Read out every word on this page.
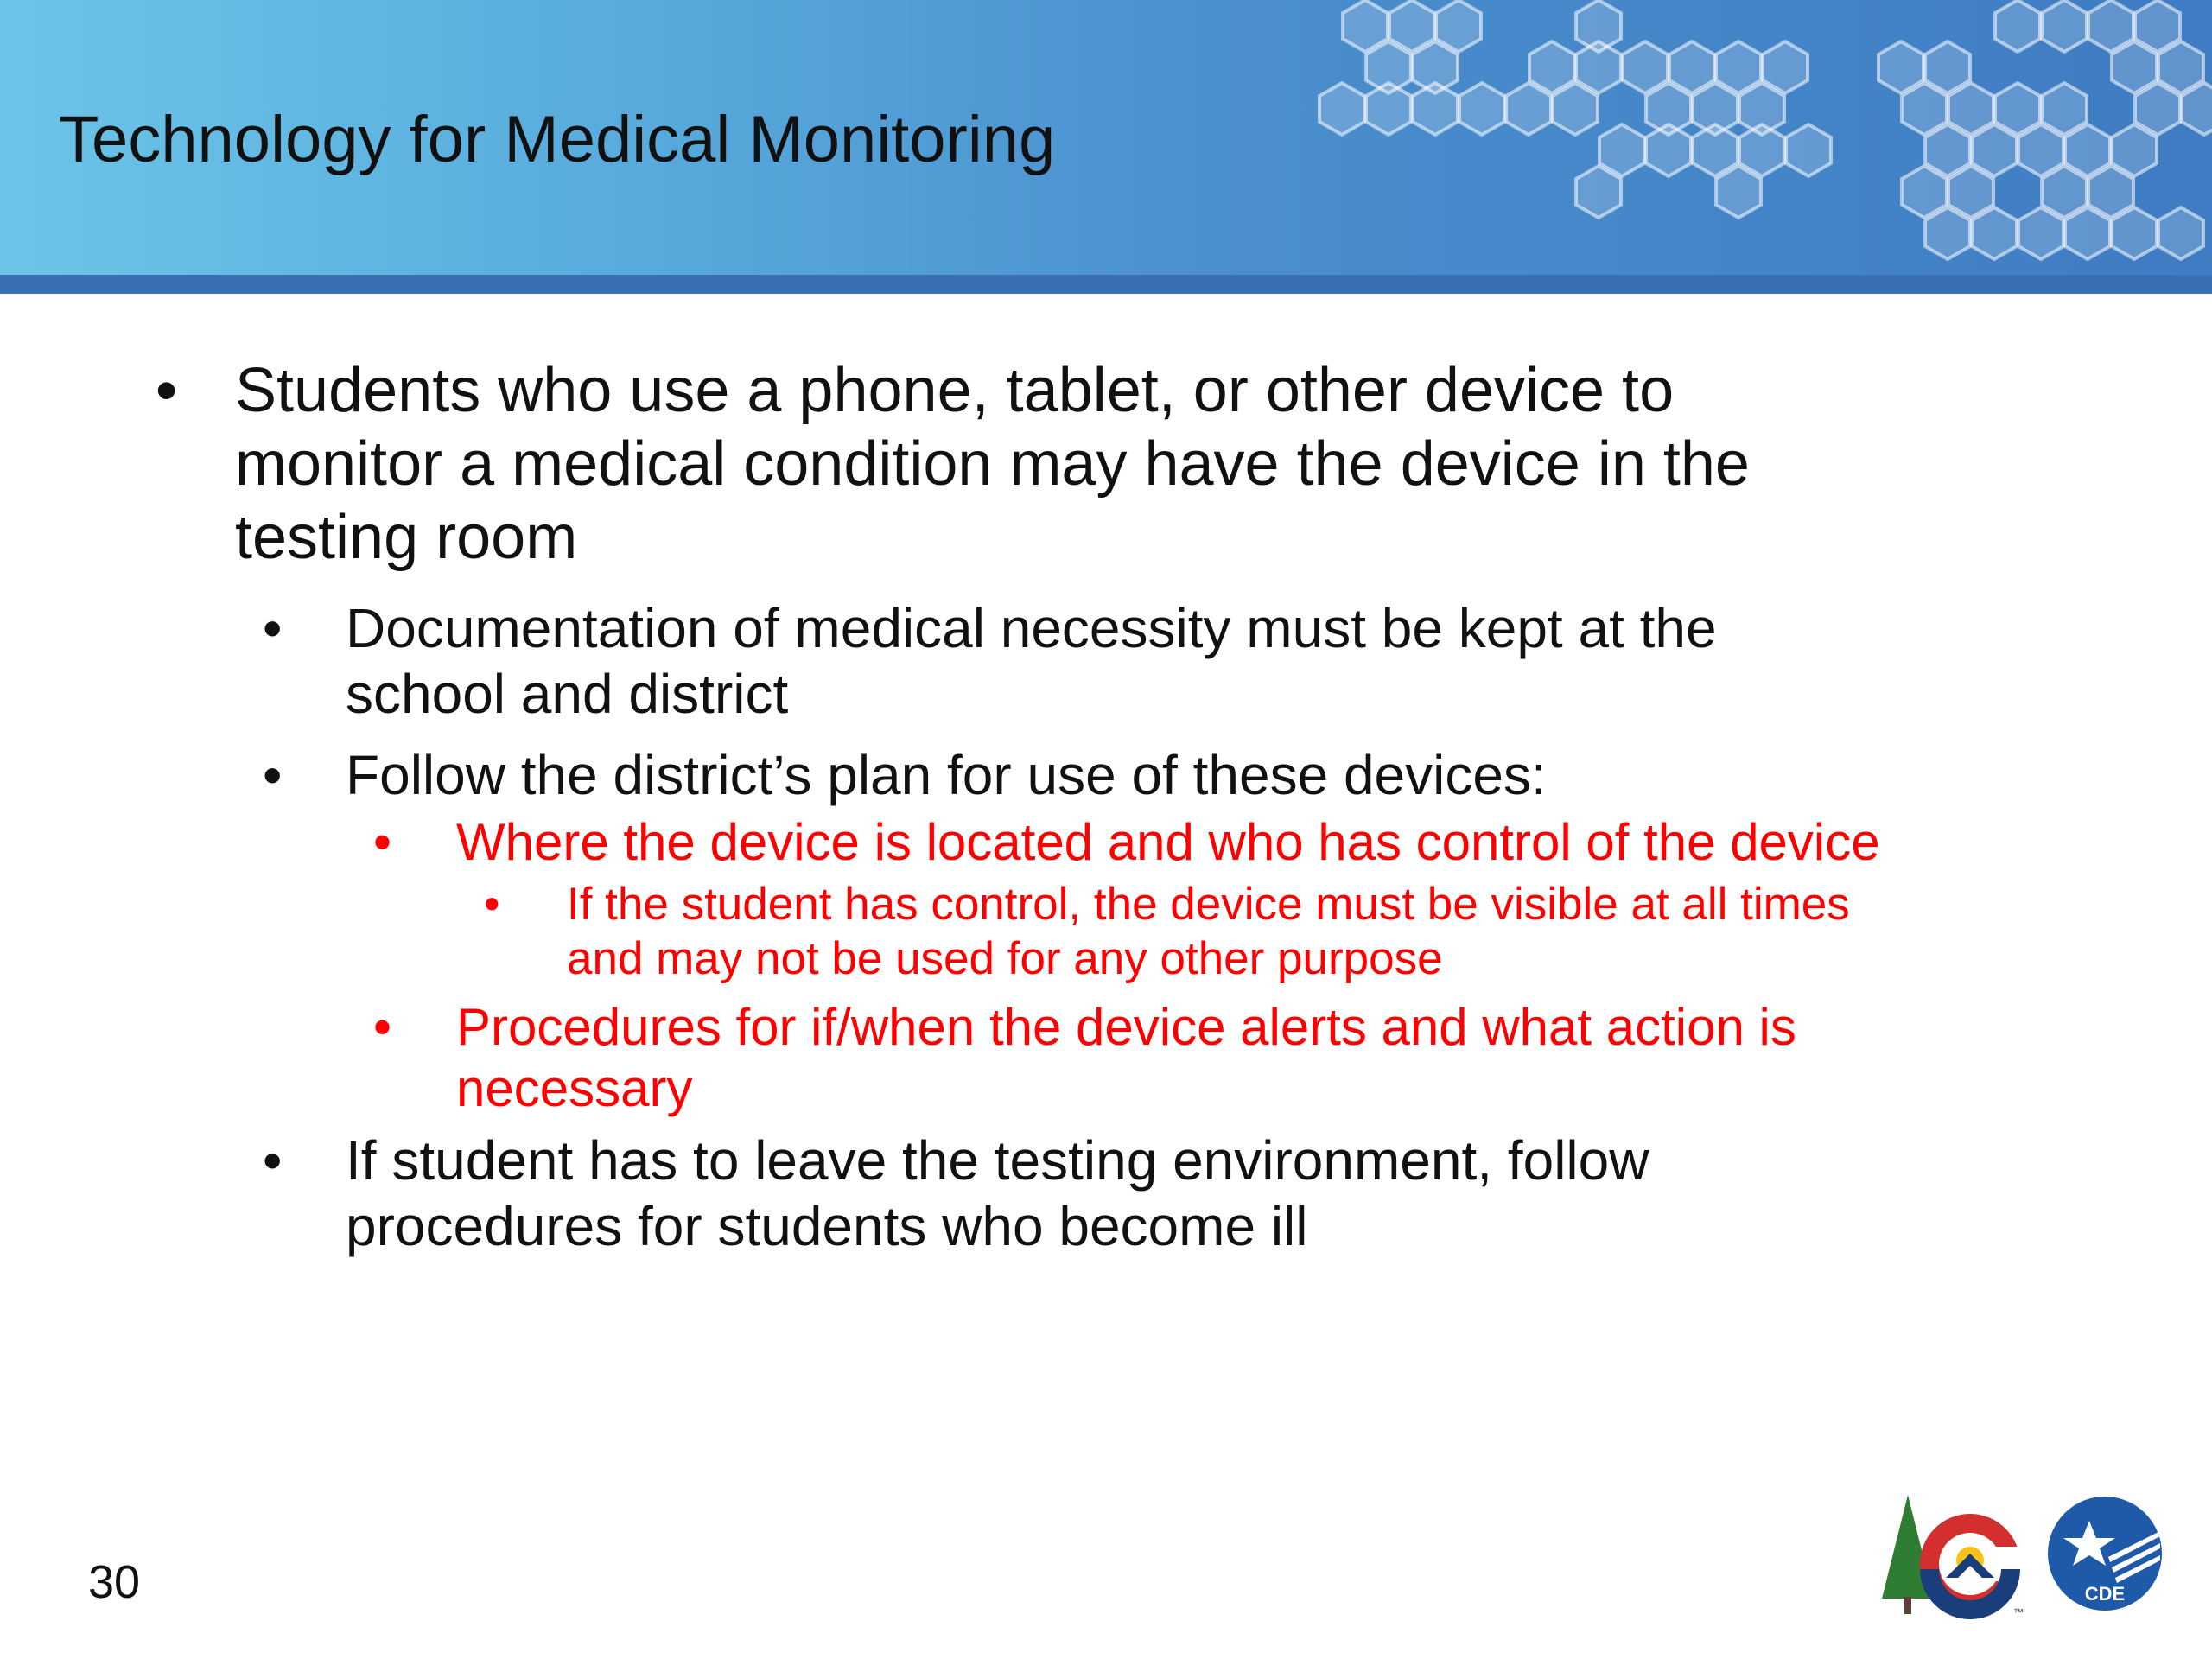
Technology for Medical Monitoring
• Students who use a phone, tablet, or other device to
monitor a medical condition may have the device in the
testing room
• Documentation of medical necessity must be kept at the
school and district
• Follow the district’s plan for use of these devices:
• Where the device is located and who has control of the device
• If the student has control, the device must be visible at all times
and may not be used for any other purpose
• Procedures for if/when the device alerts and what action is
necessary
• If student has to leave the testing environment, follow
procedures for students who become ill
30
™
CDE
